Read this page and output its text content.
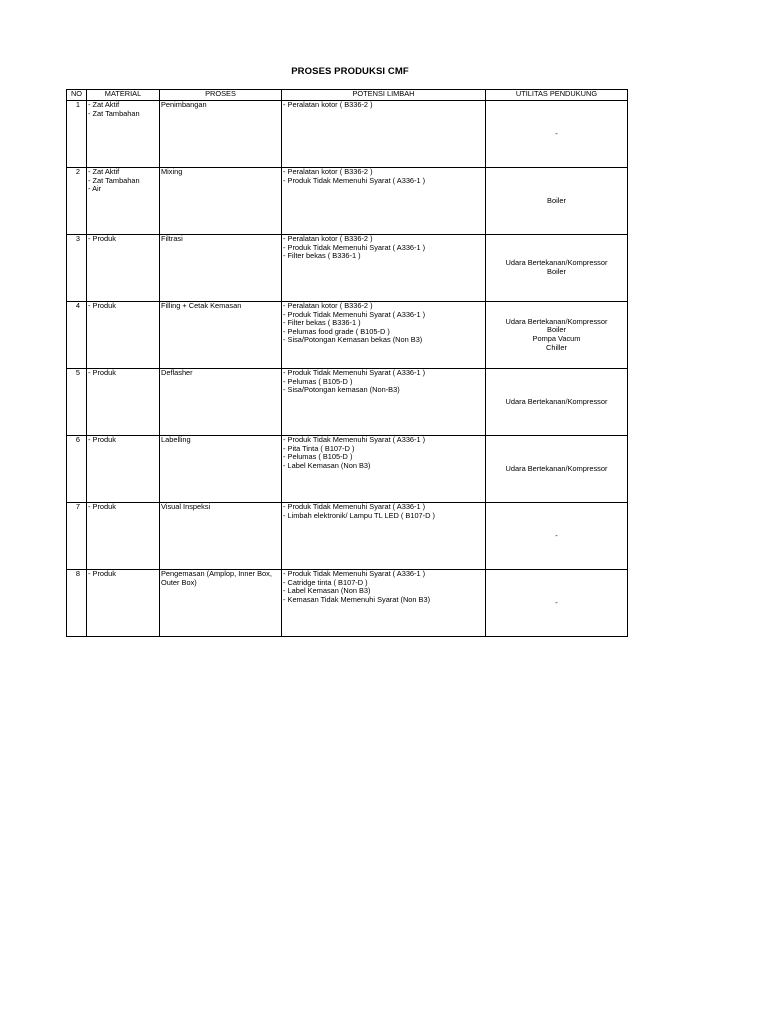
PROSES PRODUKSI CMF
NO	MATERIAL	PROSES	POTENSI LIMBAH	UTILITAS PENDUKUNG
1	- Zat Aktif
- Zat Tambahan	Penimbangan	- Peralatan kotor ( B336-2 )	-

2	- Zat Aktif
- Zat Tambahan
- Air	Mixing	- Peralatan kotor ( B336-2 )
- Produk Tidak Memenuhi Syarat ( A336-1 )	Boiler

3	- Produk	Filtrasi	- Peralatan kotor ( B336-2 )
- Produk Tidak Memenuhi Syarat ( A336-1 )
- Filter bekas ( B336-1 )	Udara Bertekanan/Kompressor
Boiler

4	- Produk	Filling + Cetak Kemasan	- Peralatan kotor ( B336-2 )
- Produk Tidak Memenuhi Syarat ( A336-1 )
- Filter bekas ( B336-1 )
- Pelumas food grade ( B105-D )
- Sisa/Potongan Kemasan bekas (Non B3)	Udara Bertekanan/Kompressor
Boiler
Pompa Vacum
Chiller

5	- Produk	Deflasher	- Produk Tidak Memenuhi Syarat ( A336-1 )
- Pelumas ( B105-D )
- Sisa/Potongan kemasan (Non-B3)	Udara Bertekanan/Kompressor

6	- Produk	Labelling	- Produk Tidak Memenuhi Syarat ( A336-1 )
- Pita Tinta ( B107-D )
- Pelumas ( B105-D )
- Label Kemasan (Non B3)	Udara Bertekanan/Kompressor

7	- Produk	Visual Inspeksi	- Produk Tidak Memenuhi Syarat ( A336-1 )
- Limbah elektronik/ Lampu TL LED ( B107-D )	-

8	- Produk	Pengemasan (Amplop, Inner Box, Outer Box)	- Produk Tidak Memenuhi Syarat ( A336-1 )
- Catridge tinta ( B107-D )
- Label Kemasan (Non B3)
- Kemasan Tidak Memenuhi Syarat (Non B3)	-
